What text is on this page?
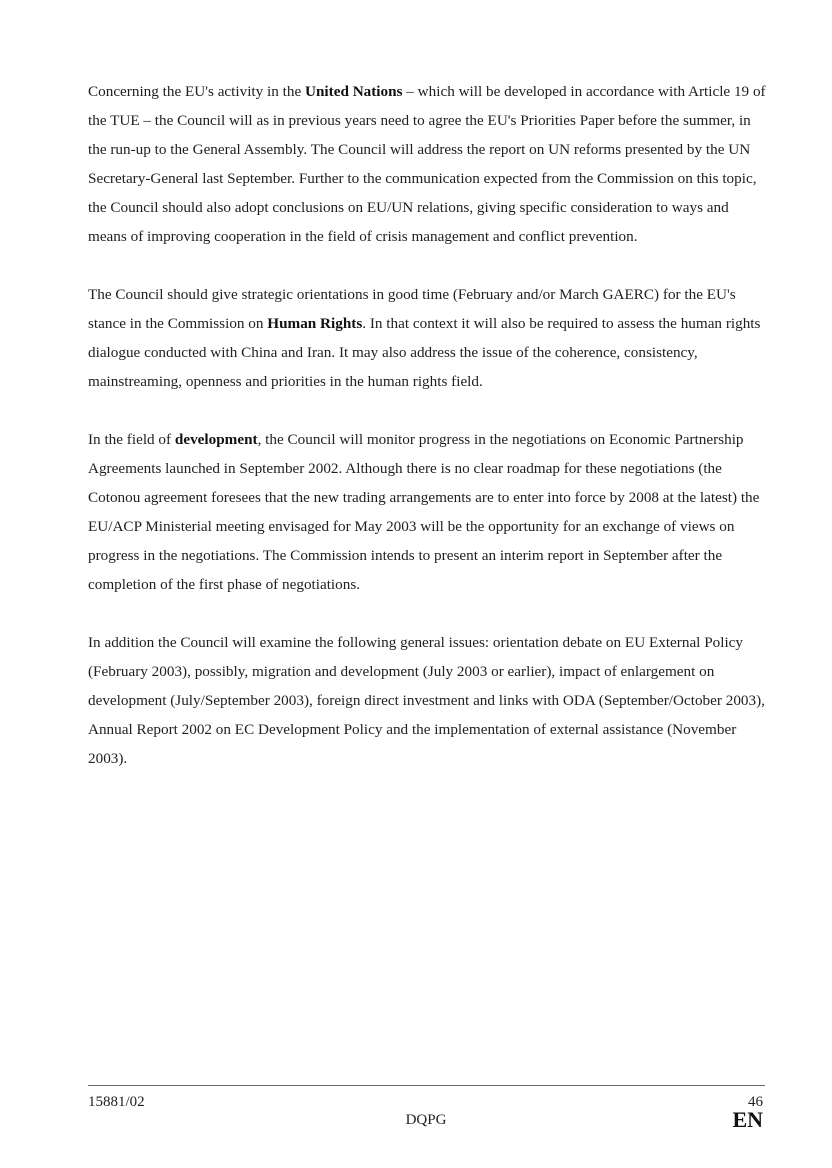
Concerning the EU's activity in the United Nations – which will be developed in accordance with Article 19 of the TUE – the Council will as in previous years need to agree the EU's Priorities Paper before the summer, in the run-up to the General Assembly. The Council will address the report on UN reforms presented by the UN Secretary-General last September. Further to the communication expected from the Commission on this topic, the Council should also adopt conclusions on EU/UN relations, giving specific consideration to ways and means of improving cooperation in the field of crisis management and conflict prevention.

The Council should give strategic orientations in good time (February and/or March GAERC) for the EU's stance in the Commission on Human Rights. In that context it will also be required to assess the human rights dialogue conducted with China and Iran. It may also address the issue of the coherence, consistency, mainstreaming, openness and priorities in the human rights field.

In the field of development, the Council will monitor progress in the negotiations on Economic Partnership Agreements launched in September 2002. Although there is no clear roadmap for these negotiations (the Cotonou agreement foresees that the new trading arrangements are to enter into force by 2008 at the latest) the EU/ACP Ministerial meeting envisaged for May 2003 will be the opportunity for an exchange of views on progress in the negotiations. The Commission intends to present an interim report in September after the completion of the first phase of negotiations.

In addition the Council will examine the following general issues: orientation debate on EU External Policy (February 2003), possibly, migration and development (July 2003 or earlier), impact of enlargement on development (July/September 2003), foreign direct investment and links with ODA (September/October 2003), Annual Report 2002 on EC Development Policy and the implementation of external assistance (November 2003).

15881/02	46
DQPG	EN
